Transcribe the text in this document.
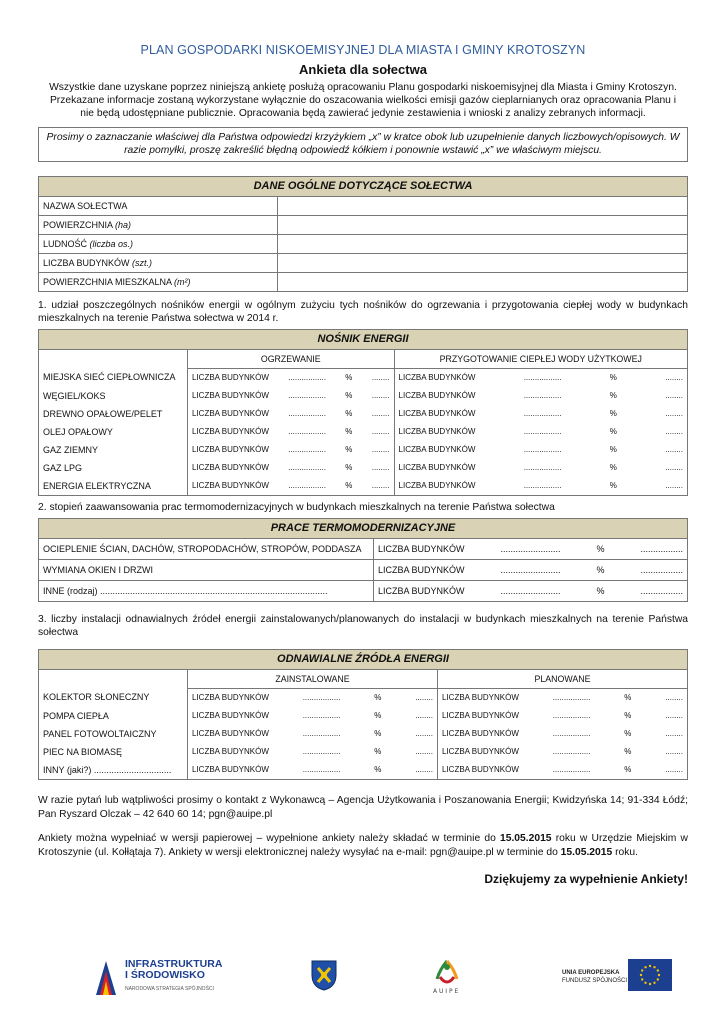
PLAN GOSPODARKI NISKOEMISYJNEJ DLA MIASTA I GMINY KROTOSZYN
Ankieta dla sołectwa
Wszystkie dane uzyskane poprzez niniejszą ankietę posłużą opracowaniu Planu gospodarki niskoemisyjnej dla Miasta i Gminy Krotoszyn. Przekazane informacje zostaną wykorzystane wyłącznie do oszacowania wielkości emisji gazów cieplarnianych oraz opracowania Planu i nie będą udostępniane publicznie. Opracowania będą zawierać jedynie zestawienia i wnioski z analizy zebranych informacji.
Prosimy o zaznaczanie właściwej dla Państwa odpowiedzi krzyżykiem „x” w kratce obok lub uzupełnienie danych liczbowych/opisowych. W razie pomyłki, proszę zakreślić błędną odpowiedź kółkiem i ponownie wstawić „x” we właściwym miejscu.
DANE OGÓLNE DOTYCZĄCE SOŁECTWA	
NAZWA SOŁECTWA	
POWIERZCHNIA (ha)	
LUDNOŚĆ (liczba os.)	
LICZBA BUDYNKÓW (szt.)	
POWIERZCHNIA MIESZKALNA (m²)	
1. udział poszczególnych nośników energii w ogólnym zużyciu tych nośników do ogrzewania i przygotowania ciepłej wody w budynkach mieszkalnych na terenie Państwa sołectwa w 2014 r.
NOŚNIK ENERGII		
	OGRZEWANIE	PRZYGOTOWANIE CIEPŁEJ WODY UŻYTKOWEJ
MIEJSKA SIEĆ CIEPŁOWNICZA	LICZBA BUDYNKÓW ................. % ........	LICZBA BUDYNKÓW ................. % ........

WĘGIEL/KOKS	LICZBA BUDYNKÓW ................. % ........	LICZBA BUDYNKÓW ................. % ........

DREWNO OPAŁOWE/PELET	LICZBA BUDYNKÓW ................. % ........	LICZBA BUDYNKÓW ................. % ........

OLEJ OPAŁOWY	LICZBA BUDYNKÓW ................. % ........	LICZBA BUDYNKÓW ................. % ........

GAZ ZIEMNY	LICZBA BUDYNKÓW ................. % ........	LICZBA BUDYNKÓW ................. % ........

GAZ LPG	LICZBA BUDYNKÓW ................. % ........	LICZBA BUDYNKÓW ................. % ........

ENERGIA ELEKTRYCZNA	LICZBA BUDYNKÓW ................. % ........	LICZBA BUDYNKÓW ................. % ........
2. stopień zaawansowania prac termomodernizacyjnych w budynkach mieszkalnych na terenie Państwa sołectwa
PRACE TERMOMODERNIZACYJNE	
OCIEPLENIE ŚCIAN, DACHÓW, STROPODACHÓW, STROPÓW, PODDASZA	LICZBA BUDYNKÓW ........................ % .................

WYMIANA OKIEN I DRZWI	LICZBA BUDYNKÓW ........................ % .................

INNE (rodzaj) ...........................................................................................	LICZBA BUDYNKÓW ........................ % .................
3. liczby instalacji odnawialnych źródeł energii zainstalowanych/planowanych do instalacji w budynkach mieszkalnych na terenie Państwa sołectwa
ODNAWIALNE ŹRÓDŁA ENERGII		
	ZAINSTALOWANE	PLANOWANE
KOLEKTOR SŁONECZNY	LICZBA BUDYNKÓW ................. % ........	LICZBA BUDYNKÓW ................. % ........

POMPA CIEPŁA	LICZBA BUDYNKÓW ................. % ........	LICZBA BUDYNKÓW ................. % ........

PANEL FOTOWOLTAICZNY	LICZBA BUDYNKÓW ................. % ........	LICZBA BUDYNKÓW ................. % ........

PIEC NA BIOMASĘ	LICZBA BUDYNKÓW ................. % ........	LICZBA BUDYNKÓW ................. % ........

INNY (jaki?) ...............................	LICZBA BUDYNKÓW ................. % ........	LICZBA BUDYNKÓW ................. % ........
W razie pytań lub wątpliwości prosimy o kontakt z Wykonawcą – Agencja Użytkowania i Poszanowania Energii; Kwidzyńska 14; 91-334 Łódź; Pan Ryszard Olczak – 42 640 60 14; pgn@auipe.pl
Ankiety można wypełniać w wersji papierowej – wypełnione ankiety należy składać w terminie do 15.05.2015 roku w Urzędzie Miejskim w Krotoszynie (ul. Kołłątaja 7). Ankiety w wersji elektronicznej należy wysyłać na e-mail: pgn@auipe.pl w terminie do 15.05.2015 roku.
Dziękujemy za wypełnienie Ankiety!
INFRASTRUKTURA
I ŚRODOWISKO
NARODOWA STRATEGIA SPÓJNOŚCI	A U I P E
UNIA EUROPEJSKA
FUNDUSZ SPÓJNOŚCI
